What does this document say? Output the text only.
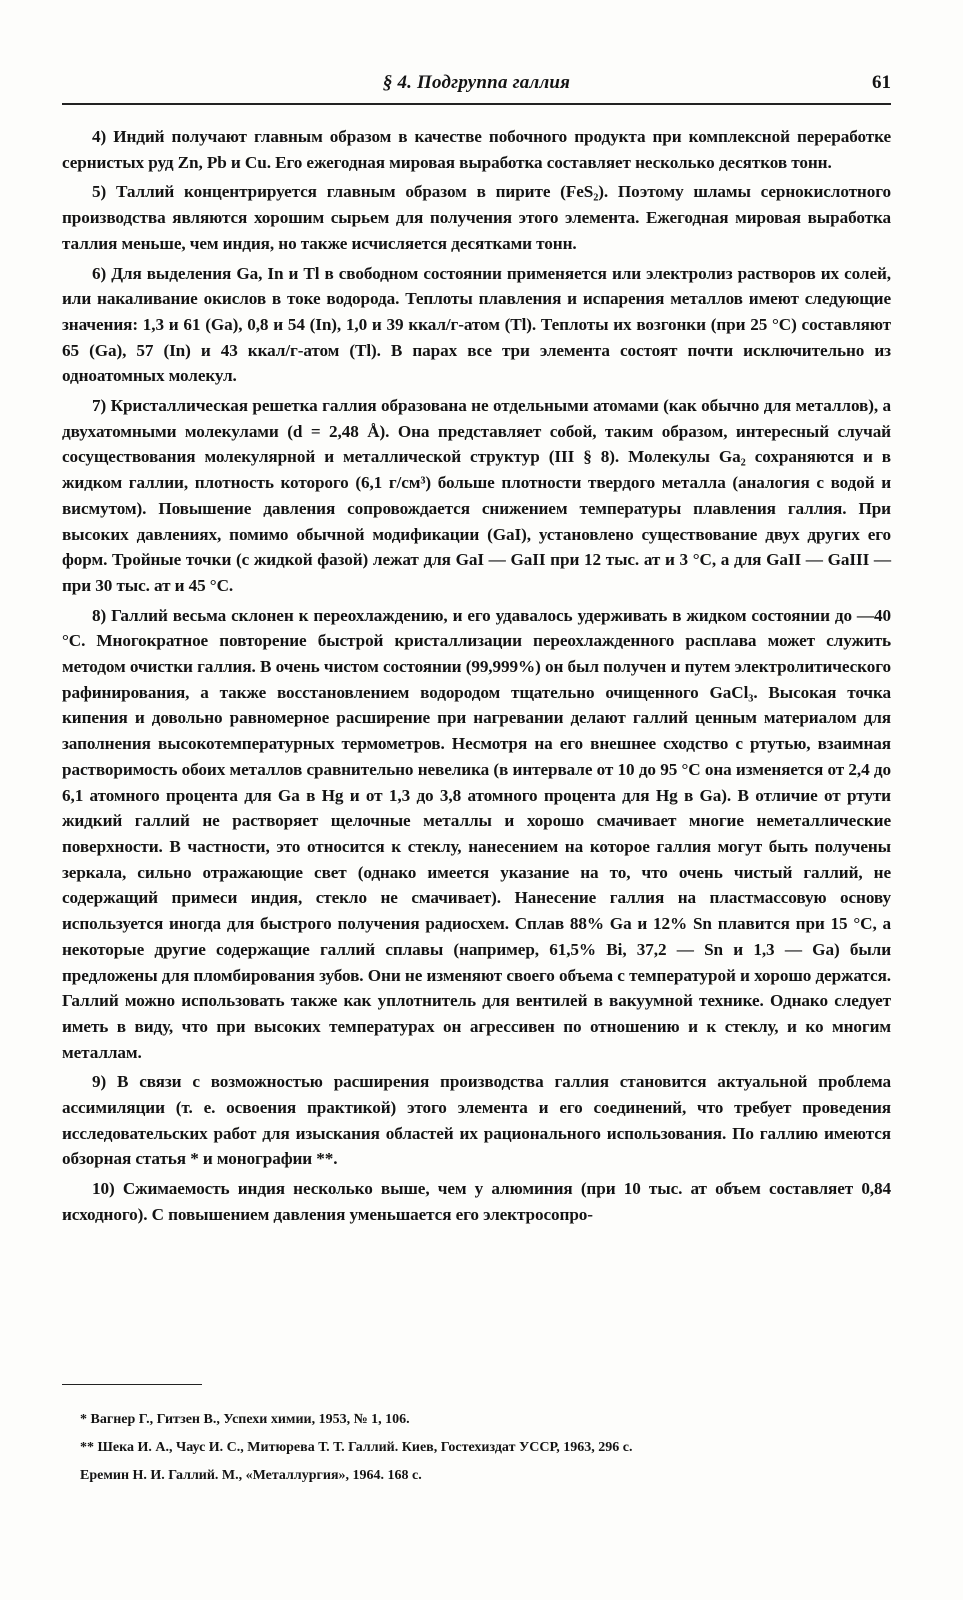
§ 4. Подгруппа галлия	61

4) Индий получают главным образом в качестве побочного продукта при комплексной переработке сернистых руд Zn, Pb и Cu. Его ежегодная мировая выработка составляет несколько десятков тонн.

5) Таллий концентрируется главным образом в пирите (FeS₂). Поэтому шламы сернокислотного производства являются хорошим сырьем для получения этого элемента. Ежегодная мировая выработка таллия меньше, чем индия, но также исчисляется десятками тонн.

6) Для выделения Ga, In и Tl в свободном состоянии применяется или электролиз растворов их солей, или накаливание окислов в токе водорода. Теплоты плавления и испарения металлов имеют следующие значения: 1,3 и 61 (Ga), 0,8 и 54 (In), 1,0 и 39 ккал/г-атом (Tl). Теплоты их возгонки (при 25 °C) составляют 65 (Ga), 57 (In) и 43 ккал/г-атом (Tl). В парах все три элемента состоят почти исключительно из одноатомных молекул.

7) Кристаллическая решетка галлия образована не отдельными атомами (как обычно для металлов), а двухатомными молекулами (d = 2,48 Å). Она представляет собой, таким образом, интересный случай сосуществования молекулярной и металлической структур (III § 8). Молекулы Ga₂ сохраняются и в жидком галлии, плотность которого (6,1 г/см³) больше плотности твердого металла (аналогия с водой и висмутом). Повышение давления сопровождается снижением температуры плавления галлия. При высоких давлениях, помимо обычной модификации (GaI), установлено существование двух других его форм. Тройные точки (с жидкой фазой) лежат для GaI — GaII при 12 тыс. ат и 3 °C, а для GaII — GaIII — при 30 тыс. ат и 45 °C.

8) Галлий весьма склонен к переохлаждению, и его удавалось удерживать в жидком состоянии до —40 °C. Многократное повторение быстрой кристаллизации переохлажденного расплава может служить методом очистки галлия. В очень чистом состоянии (99,999%) он был получен и путем электролитического рафинирования, а также восстановлением водородом тщательно очищенного GaCl₃. Высокая точка кипения и довольно равномерное расширение при нагревании делают галлий ценным материалом для заполнения высокотемпературных термометров. Несмотря на его внешнее сходство с ртутью, взаимная растворимость обоих металлов сравнительно невелика (в интервале от 10 до 95 °C она изменяется от 2,4 до 6,1 атомного процента для Ga в Hg и от 1,3 до 3,8 атомного процента для Hg в Ga). В отличие от ртути жидкий галлий не растворяет щелочные металлы и хорошо смачивает многие неметаллические поверхности. В частности, это относится к стеклу, нанесением на которое галлия могут быть получены зеркала, сильно отражающие свет (однако имеется указание на то, что очень чистый галлий, не содержащий примеси индия, стекло не смачивает). Нанесение галлия на пластмассовую основу используется иногда для быстрого получения радиосхем. Сплав 88% Ga и 12% Sn плавится при 15 °C, а некоторые другие содержащие галлий сплавы (например, 61,5% Bi, 37,2 — Sn и 1,3 — Ga) были предложены для пломбирования зубов. Они не изменяют своего объема с температурой и хорошо держатся. Галлий можно использовать также как уплотнитель для вентилей в вакуумной технике. Однако следует иметь в виду, что при высоких температурах он агрессивен по отношению и к стеклу, и ко многим металлам.

9) В связи с возможностью расширения производства галлия становится актуальной проблема ассимиляции (т. е. освоения практикой) этого элемента и его соединений, что требует проведения исследовательских работ для изыскания областей их рационального использования. По галлию имеются обзорная статья * и монографии **.

10) Сжимаемость индия несколько выше, чем у алюминия (при 10 тыс. ат объем составляет 0,84 исходного). С повышением давления уменьшается его электросопро-

* Вагнер Г., Гитзен В., Успехи химии, 1953, № 1, 106.
** Шека И. А., Чаус И. С., Митюрева Т. Т. Галлий. Киев, Гостехиздат УССР, 1963, 296 с.
Еремин Н. И. Галлий. М., «Металлургия», 1964. 168 с.
